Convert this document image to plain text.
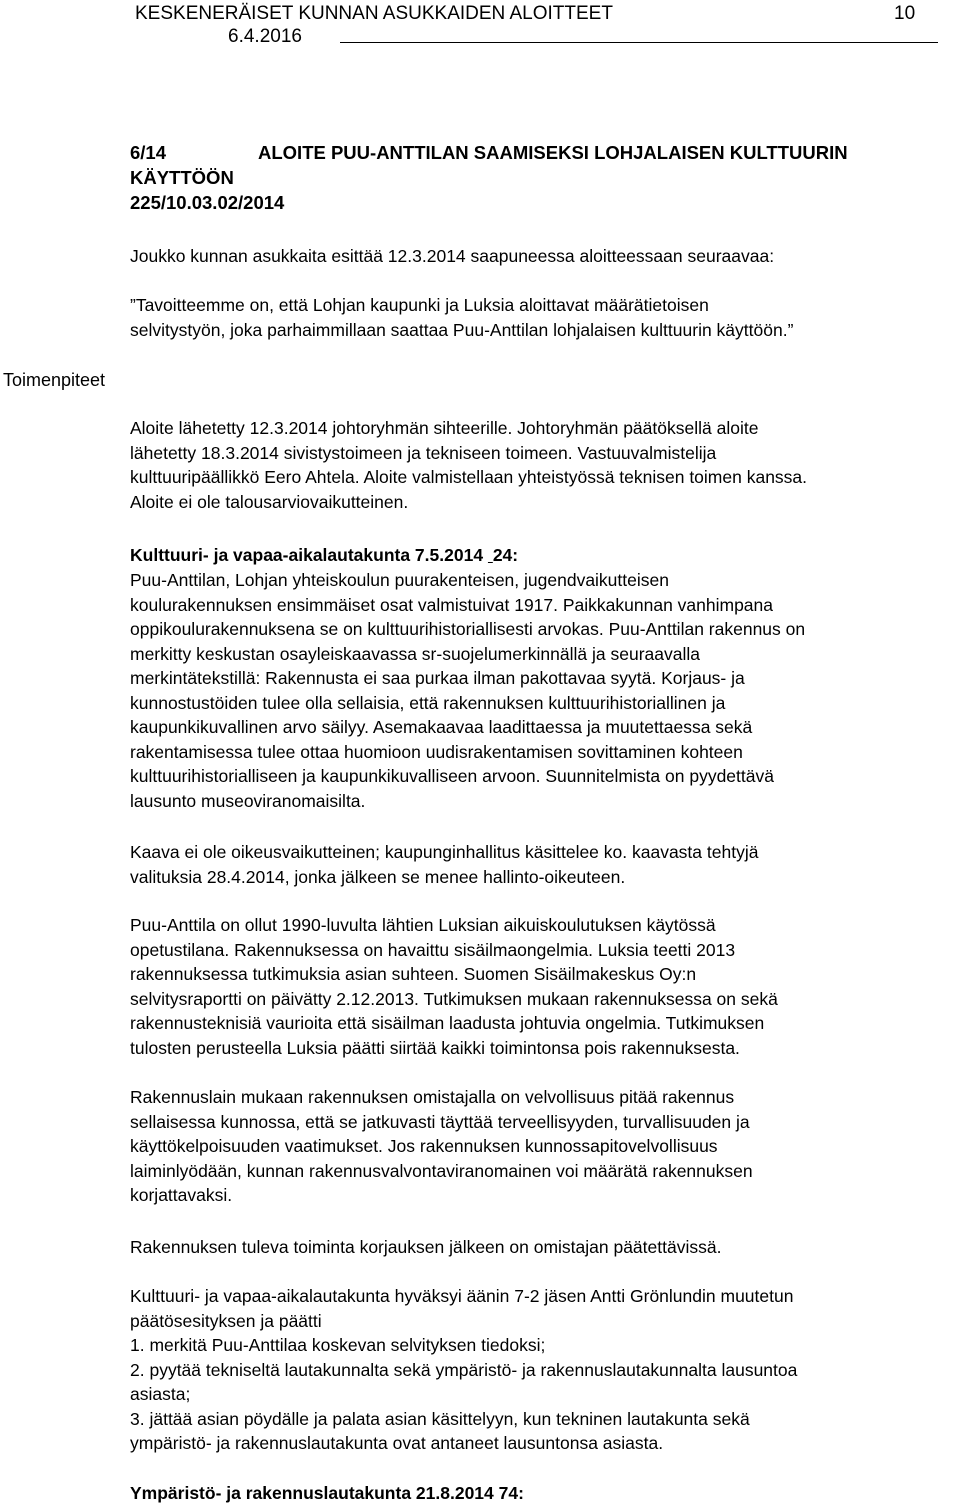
KESKENERÄISET KUNNAN ASUKKAIDEN ALOITTEET	10
6.4.2016
6/14	ALOITE PUU-ANTTILAN SAAMISEKSI LOHJALAISEN KULTTUURIN
KÄYTTÖÖN
225/10.03.02/2014
Toimenpiteet

Joukko kunnan asukkaita esittää 12.3.2014 saapuneessa aloitteessaan seuraavaa:

”Tavoitteemme on, että Lohjan kaupunki ja Luksia aloittavat määrätietoisen

selvitystyön, joka parhaimmillaan saattaa Puu-Anttilan lohjalaisen kulttuurin käyttöön.”

Aloite lähetetty 12.3.2014 johtoryhmän sihteerille. Johtoryhmän päätöksellä aloite

lähetetty 18.3.2014 sivistystoimeen ja tekniseen toimeen. Vastuuvalmistelija

kulttuuripäällikkö Eero Ahtela. Aloite valmistellaan yhteistyössä teknisen toimen kanssa.

Aloite ei ole talousarviovaikutteinen.

Kulttuuri- ja vapaa-aikalautakunta 7.5.2014 24:

Puu-Anttilan, Lohjan yhteiskoulun puurakenteisen, jugendvaikutteisen

koulurakennuksen ensimmäiset osat valmistuivat 1917. Paikkakunnan vanhimpana

oppikoulurakennuksena se on kulttuurihistoriallisesti arvokas. Puu-Anttilan rakennus on

merkitty keskustan osayleiskaavassa sr-suojelumerkinnällä ja seuraavalla

merkintätekstillä: Rakennusta ei saa purkaa ilman pakottavaa syytä. Korjaus- ja

kunnostustöiden tulee olla sellaisia, että rakennuksen kulttuurihistoriallinen ja

kaupunkikuvallinen arvo säilyy. Asemakaavaa laadittaessa ja muutettaessa sekä

rakentamisessa tulee ottaa huomioon uudisrakentamisen sovittaminen kohteen

kulttuurihistorialliseen ja kaupunkikuvalliseen arvoon. Suunnitelmista on pyydettävä

lausunto museoviranomaisilta.

Kaava ei ole oikeusvaikutteinen; kaupunginhallitus käsittelee ko. kaavasta tehtyjä

valituksia 28.4.2014, jonka jälkeen se menee hallinto-oikeuteen.

Puu-Anttila on ollut 1990-luvulta lähtien Luksian aikuiskoulutuksen käytössä

opetustilana. Rakennuksessa on havaittu sisäilmaongelmia. Luksia teetti 2013

rakennuksessa tutkimuksia asian suhteen. Suomen Sisäilmakeskus Oy:n

selvitysraportti on päivätty 2.12.2013. Tutkimuksen mukaan rakennuksessa on sekä

rakennusteknisiä vaurioita että sisäilman laadusta johtuvia ongelmia. Tutkimuksen

tulosten perusteella Luksia päätti siirtää kaikki toimintonsa pois rakennuksesta.

Rakennuslain mukaan rakennuksen omistajalla on velvollisuus pitää rakennus

sellaisessa kunnossa, että se jatkuvasti täyttää terveellisyyden, turvallisuuden ja

käyttökelpoisuuden vaatimukset. Jos rakennuksen kunnossapitovelvollisuus

laiminlyödään, kunnan rakennusvalvontaviranomainen voi määrätä rakennuksen

korjattavaksi.

Rakennuksen tuleva toiminta korjauksen jälkeen on omistajan päätettävissä.

Kulttuuri- ja vapaa-aikalautakunta hyväksyi äänin 7-2 jäsen Antti Grönlundin muutetun

päätösesityksen ja päätti

1. merkitä Puu-Anttilaa koskevan selvityksen tiedoksi;

2. pyytää tekniseltä lautakunnalta sekä ympäristö- ja rakennuslautakunnalta lausuntoa

asiasta;

3. jättää asian pöydälle ja palata asian käsittelyyn, kun tekninen lautakunta sekä

ympäristö- ja rakennuslautakunta ovat antaneet lausuntonsa asiasta.

Ympäristö- ja rakennuslautakunta 21.8.2014 74:
